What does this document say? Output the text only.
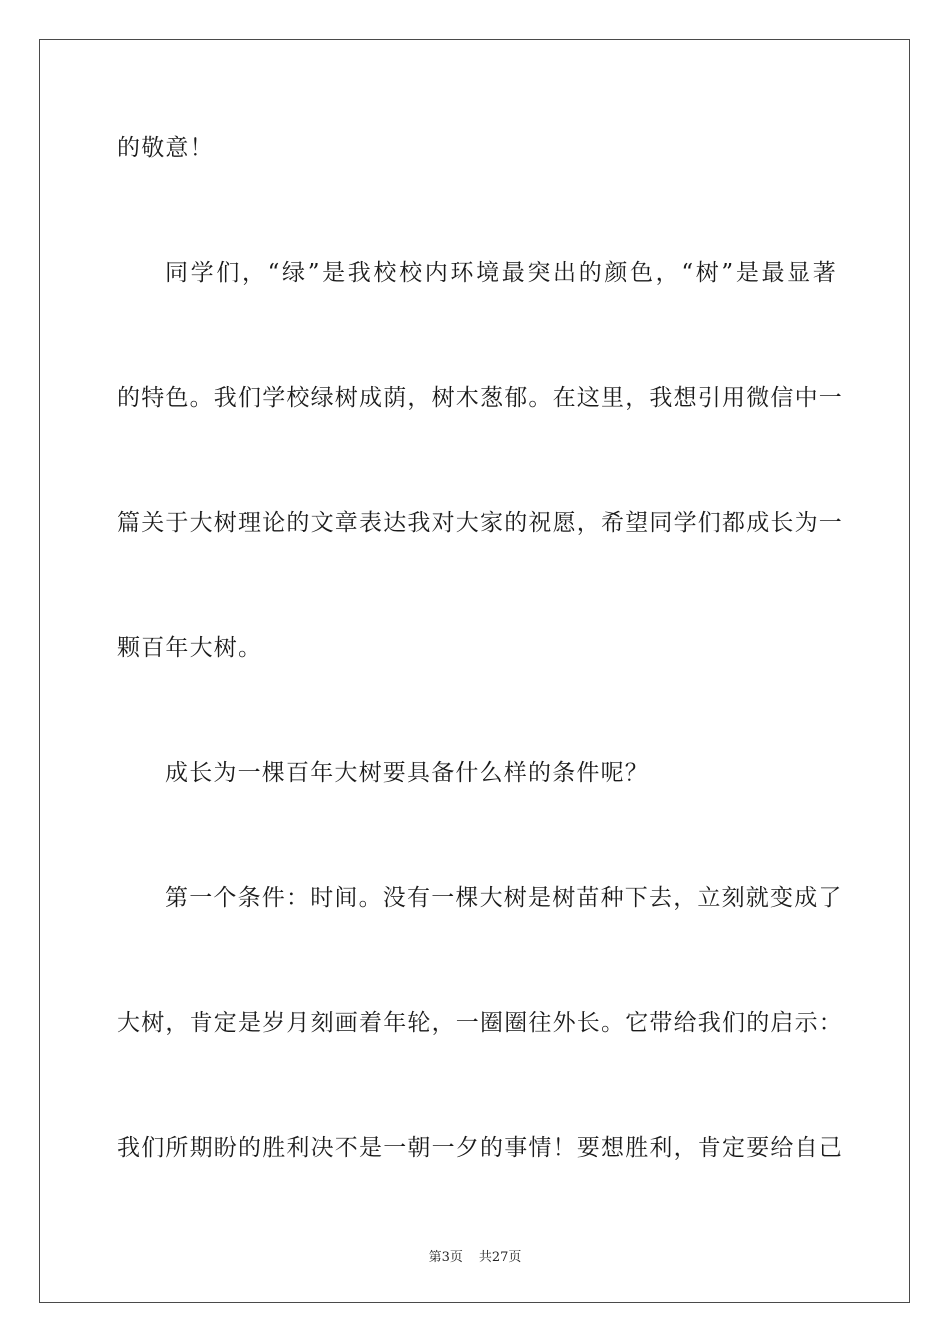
的敬意！
同学们，“绿”是我校校内环境最突出的颜色，“树”是最显著
的特色。我们学校绿树成荫，树木葱郁。在这里，我想引用微信中一
篇关于大树理论的文章表达我对大家的祝愿，希望同学们都成长为一
颗百年大树。
成长为一棵百年大树要具备什么样的条件呢？
第一个条件：时间。没有一棵大树是树苗种下去，立刻就变成了
大树，肯定是岁月刻画着年轮，一圈圈往外长。它带给我们的启示：
我们所期盼的胜利决不是一朝一夕的事情！要想胜利，肯定要给自己
第3页 共27页
